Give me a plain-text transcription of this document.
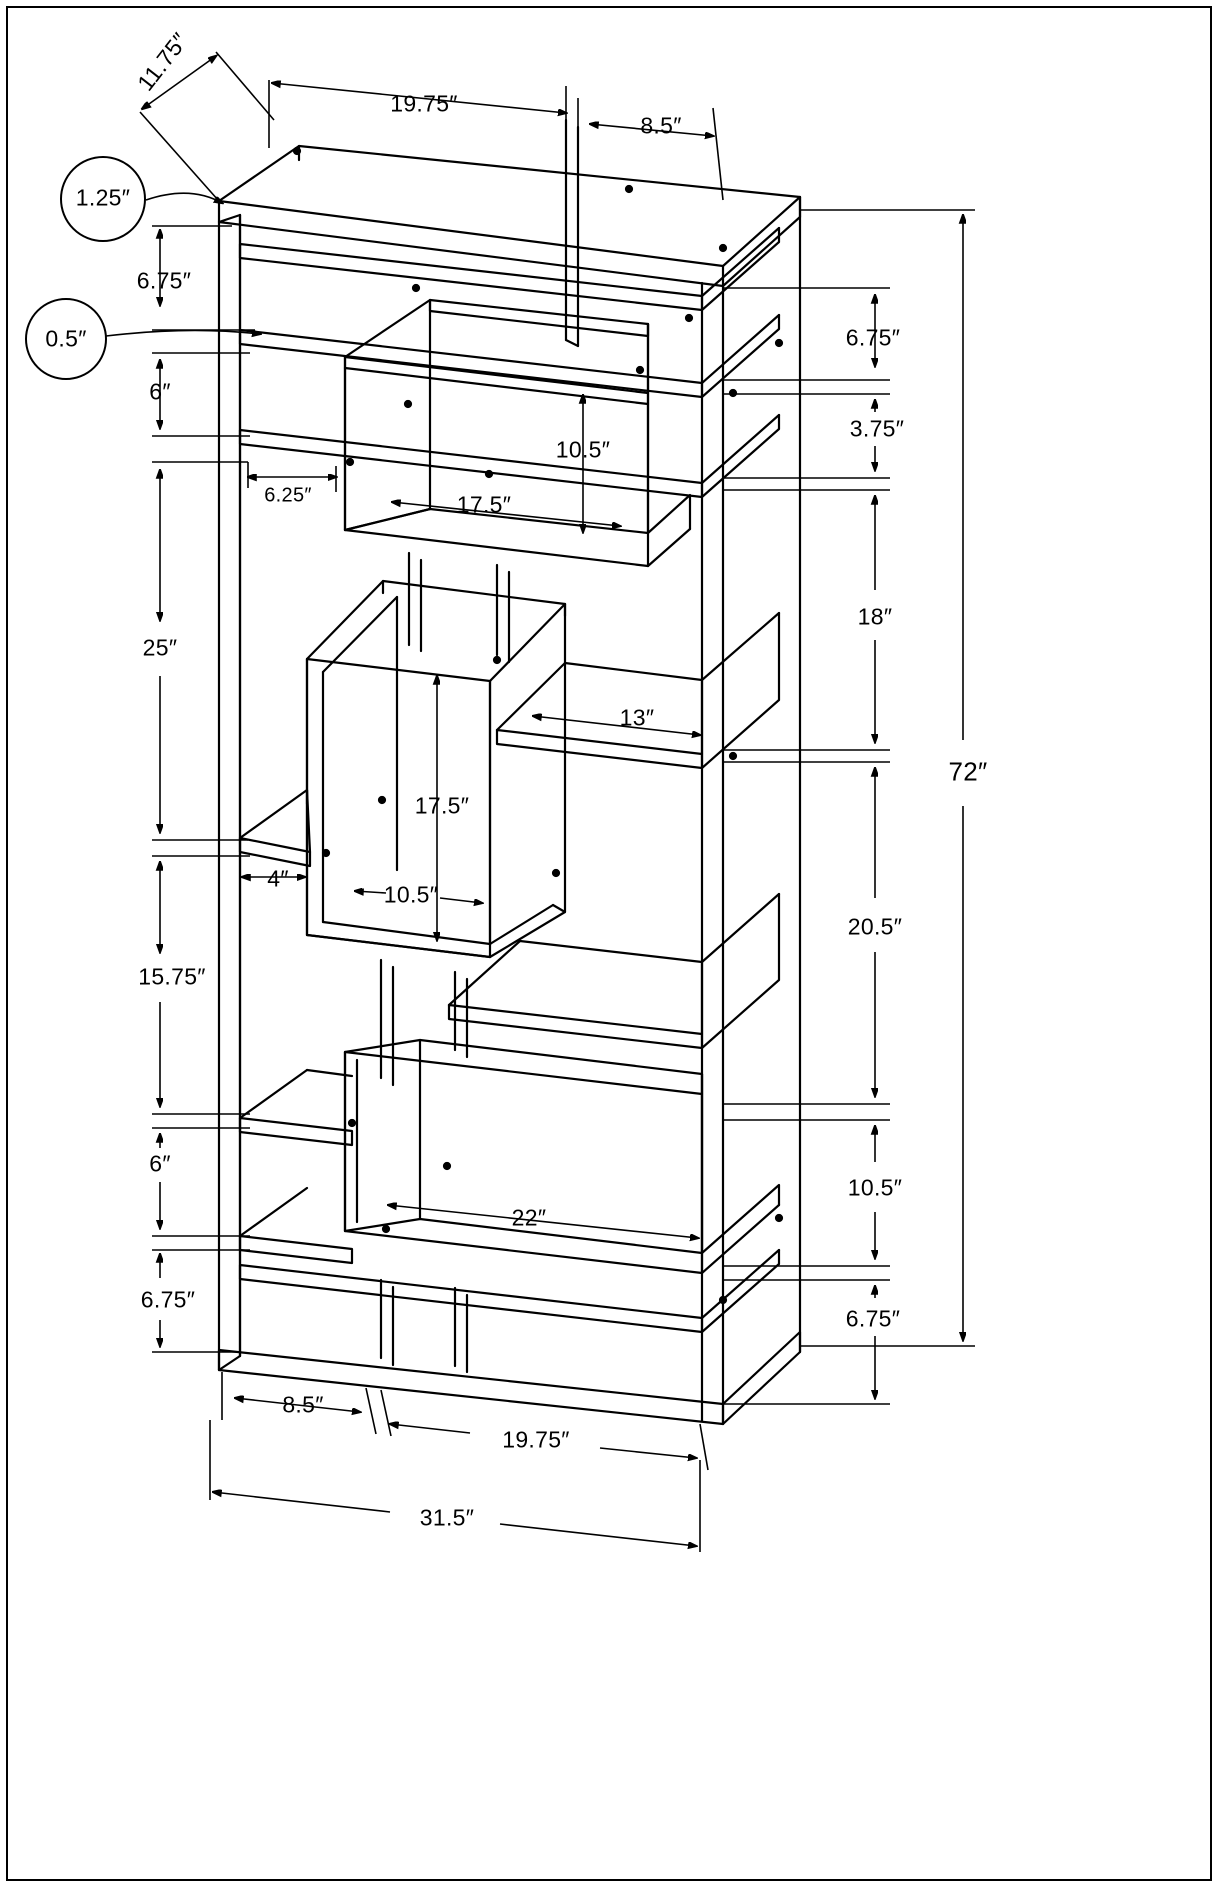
11.75″
19.75″
8.5″
1.25″
6.75″
0.5″
6″
6.75″
3.75″
6.25″
10.5″
17.5″
25″
18″
13″
17.5″
4″
10.5″
72″
20.5″
15.75″
6″
10.5″
22″
6.75″
6.75″
8.5″
19.75″
31.5″
